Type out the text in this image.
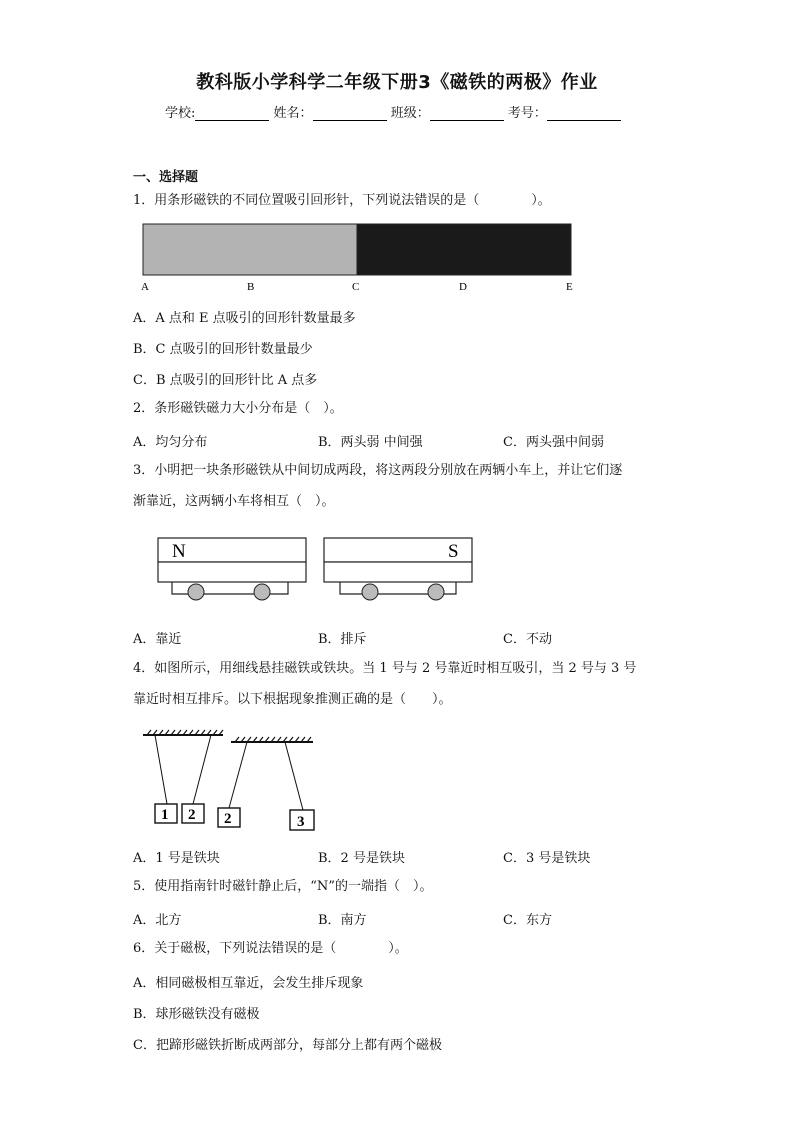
教科版小学科学二年级下册3《磁铁的两极》作业
学校:	姓名：	班级：	考号：
一、选择题
1．用条形磁铁的不同位置吸引回形针，下列说法错误的是（　　　　）。
A	B	C	D	E
A．A 点和 E 点吸引的回形针数量最多
B．C 点吸引的回形针数量最少
C．B 点吸引的回形针比 A 点多
2．条形磁铁磁力大小分布是（　）。
A．均匀分布	B．两头弱 中间强	C．两头强中间弱
3．小明把一块条形磁铁从中间切成两段，将这两段分别放在两辆小车上，并让它们逐
渐靠近，这两辆小车将相互（　）。
N	S
A．靠近	B．排斥	C．不动
4．如图所示，用细线悬挂磁铁或铁块。当 1 号与 2 号靠近时相互吸引，当 2 号与 3 号
靠近时相互排斥。以下根据现象推测正确的是（　　）。
1 2 2	3
A．1 号是铁块	B．2 号是铁块	C．3 号是铁块
5．使用指南针时磁针静止后，“N”的一端指（　）。
A．北方	B．南方	C．东方
6．关于磁极，下列说法错误的是（　　　　）。
A．相同磁极相互靠近，会发生排斥现象
B．球形磁铁没有磁极
C．把蹄形磁铁折断成两部分，每部分上都有两个磁极
